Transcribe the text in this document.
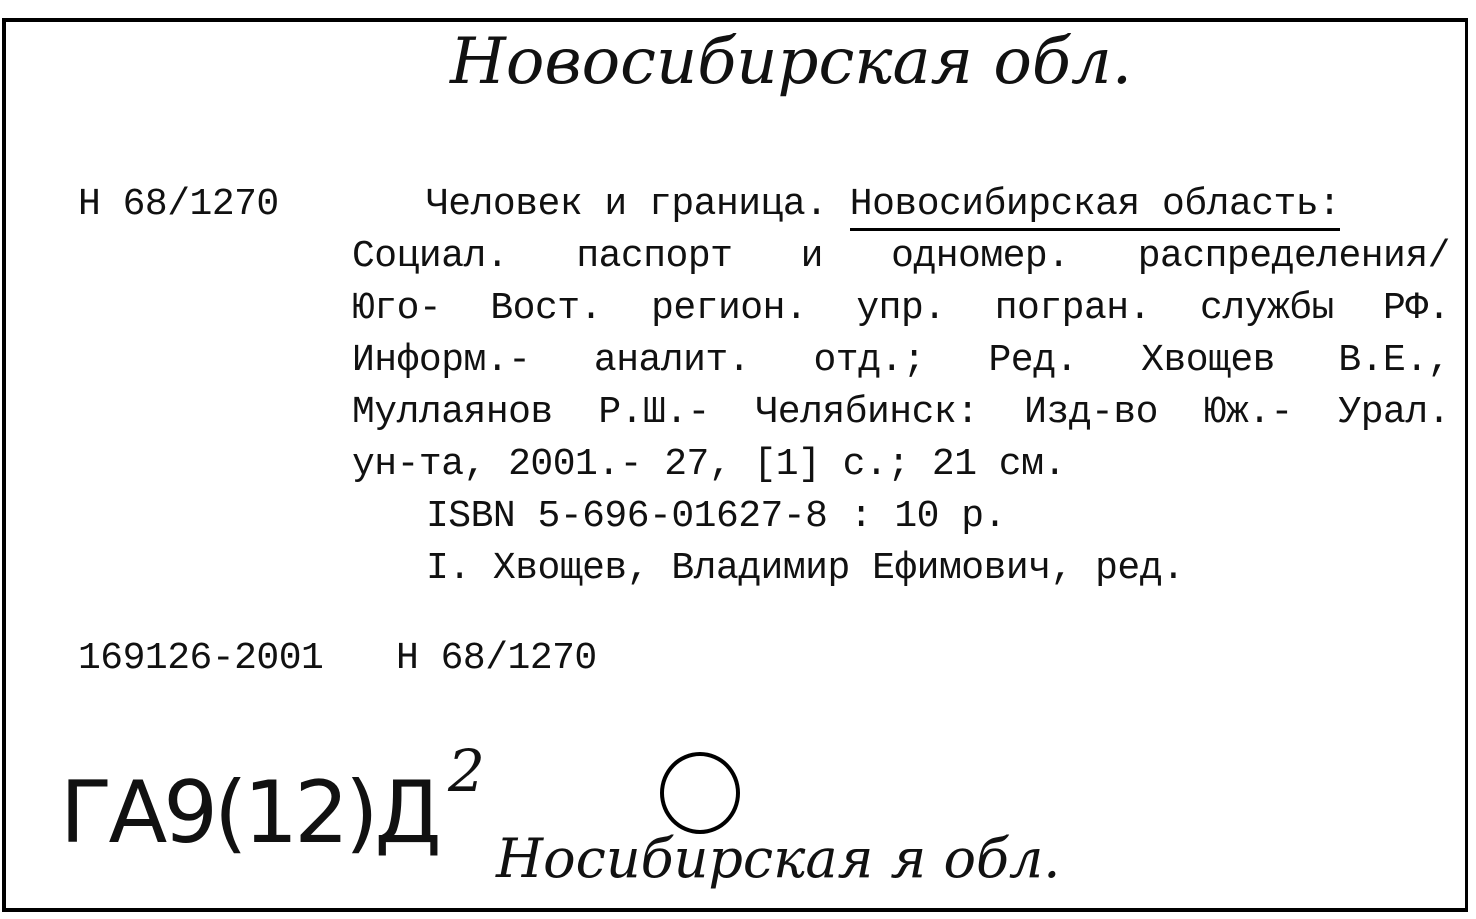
Новосибирская обл.
Н 68/1270	Человек и граница. Новосибирская область:
Социал. паспорт и одномер. распределения/
Юго- Вост. регион. упр. погран. службы РФ.
Информ.- аналит. отд.; Ред. Хвощев В.Е.,
Муллаянов Р.Ш.- Челябинск: Изд-во Юж.- Урал.
ун-та, 2001.- 27, [1] с.; 21 см.
ISBN 5-696-01627-8 : 10 р.
I. Хвощев, Владимир Ефимович, ред.
169126-2001 Н 68/1270
ГА9(12)Д 2
Носибирская я обл.
